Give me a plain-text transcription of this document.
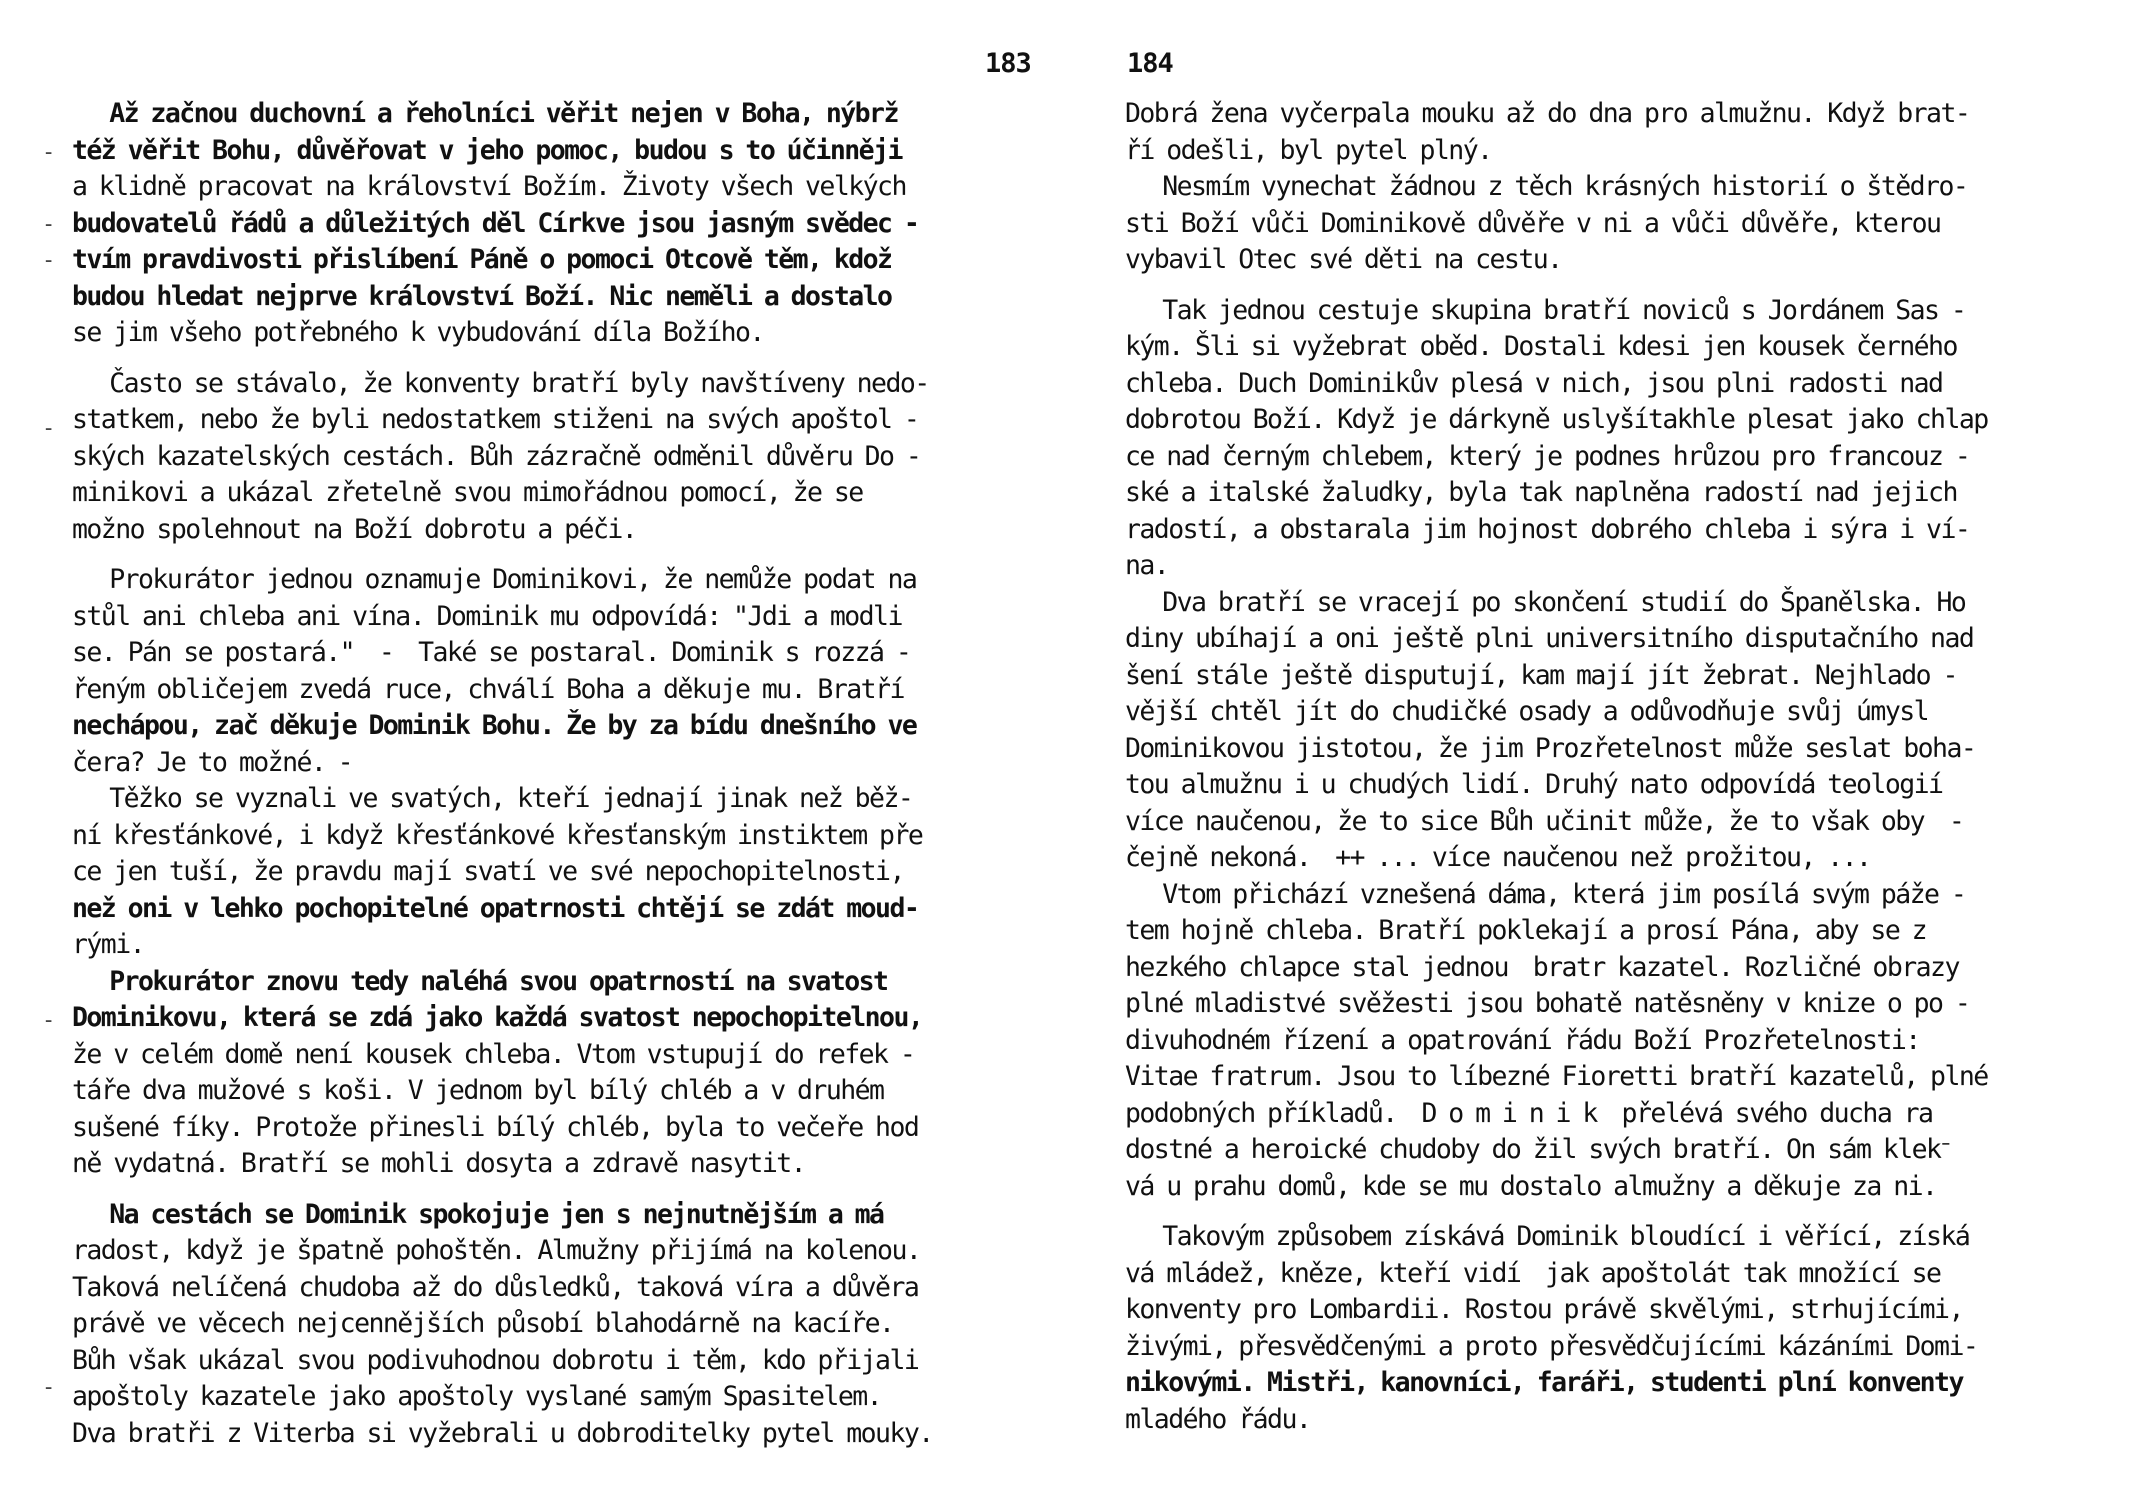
183
Až začnou duchovní a řeholníci věřit nejen v Boha, nýbrž
též věřit Bohu, důvěřovat v jeho pomoc, budou s to účinněji
a klidně pracovat na království Božím. Životy všech velkých
budovatelů řádů a důležitých děl Církve jsou jasným svědec -
tvím pravdivosti přislíbení Páně o pomoci Otcově těm, kdož
budou hledat nejprve království Boží. Nic neměli a dostalo
se jim všeho potřebného k vybudování díla Božího.
Často se stávalo, že konventy bratří byly navštíveny nedo-
statkem, nebo že byli nedostatkem stiženi na svých apoštol -
ských kazatelských cestách. Bůh zázračně odměnil důvěru Do -
minikovi a ukázal zřetelně svou mimořádnou pomocí, že se
možno spolehnout na Boží dobrotu a péči.
Prokurátor jednou oznamuje Dominikovi, že nemůže podat na
stůl ani chleba ani vína. Dominik mu odpovídá: "Jdi a modli
se. Pán se postará."  -  Také se postaral. Dominik s rozzá -
řeným obličejem zvedá ruce, chválí Boha a děkuje mu. Bratří
nechápou, zač děkuje Dominik Bohu. Že by za bídu dnešního ve
čera? Je to možné. -
Těžko se vyznali ve svatých, kteří jednají jinak než běž-
ní křesťánkové, i když křesťánkové křesťanským instiktem pře
ce jen tuší, že pravdu mají svatí ve své nepochopitelnosti,
než oni v lehko pochopitelné opatrnosti chtějí se zdát moud-
rými.
Prokurátor znovu tedy naléhá svou opatrností na svatost
Dominikovu, která se zdá jako každá svatost nepochopitelnou,
že v celém domě není kousek chleba. Vtom vstupují do refek -
táře dva mužové s koši. V jednom byl bílý chléb a v druhém
sušené fíky. Protože přinesli bílý chléb, byla to večeře hod
ně vydatná. Bratří se mohli dosyta a zdravě nasytit.
Na cestách se Dominik spokojuje jen s nejnutnějším a má
radost, když je špatně pohoštěn. Almužny přijímá na kolenou.
Taková nelíčená chudoba až do důsledků, taková víra a důvěra
právě ve věcech nejcennějších působí blahodárně na kacíře.
Bůh však ukázal svou podivuhodnou dobrotu i těm, kdo přijali
apoštoly kazatele jako apoštoly vyslané samým Spasitelem.
Dva bratři z Viterba si vyžebrali u dobroditelky pytel mouky.
-
-
-
-
-
-
184
Dobrá žena vyčerpala mouku až do dna pro almužnu. Když brat-
ří odešli, byl pytel plný.
Nesmím vynechat žádnou z těch krásných historií o štědro-
sti Boží vůči Dominikově důvěře v ni a vůči důvěře, kterou
vybavil Otec své děti na cestu.
Tak jednou cestuje skupina bratří noviců s Jordánem Sas -
kým. Šli si vyžebrat oběd. Dostali kdesi jen kousek černého
chleba. Duch Dominikův plesá v nich, jsou plni radosti nad
dobrotou Boží. Když je dárkyně uslyšítakhle plesat jako chlap
ce nad černým chlebem, který je podnes hrůzou pro francouz -
ské a italské žaludky, byla tak naplněna radostí nad jejich
radostí, a obstarala jim hojnost dobrého chleba i sýra i ví-
na.
Dva bratří se vracejí po skončení studií do Španělska. Ho
diny ubíhají a oni ještě plni universitního disputačního nad
šení stále ještě disputují, kam mají jít žebrat. Nejhlado -
vější chtěl jít do chudičké osady a odůvodňuje svůj úmysl
Dominikovou jistotou, že jim Prozřetelnost může seslat boha-
tou almužnu i u chudých lidí. Druhý nato odpovídá teologií
více naučenou, že to sice Bůh učinit může, že to však oby  -
čejně nekoná.  ++ ... více naučenou než prožitou, ...
Vtom přichází vznešená dáma, která jim posílá svým páže -
tem hojně chleba. Bratří poklekají a prosí Pána, aby se z
hezkého chlapce stal jednou  bratr kazatel. Rozličné obrazy
plné mladistvé svěžesti jsou bohatě natěsněny v knize o po -
divuhodném řízení a opatrování řádu Boží Prozřetelnosti:
Vitae fratrum. Jsou to líbezné Fioretti bratří kazatelů, plné
podobných příkladů.  D o m i n i k  přelévá svého ducha ra
dostné a heroické chudoby do žil svých bratří. On sám klekᐨ
vá u prahu domů, kde se mu dostalo almužny a děkuje za ni.
Takovým způsobem získává Dominik bloudící i věřící, získá
vá mládež, kněze, kteří vidí  jak apoštolát tak množící se
konventy pro Lombardii. Rostou právě skvělými, strhujícími,
živými, přesvědčenými a proto přesvědčujícími kázáními Domi-
nikovými. Mistři, kanovníci, faráři, studenti plní konventy
mladého řádu.
